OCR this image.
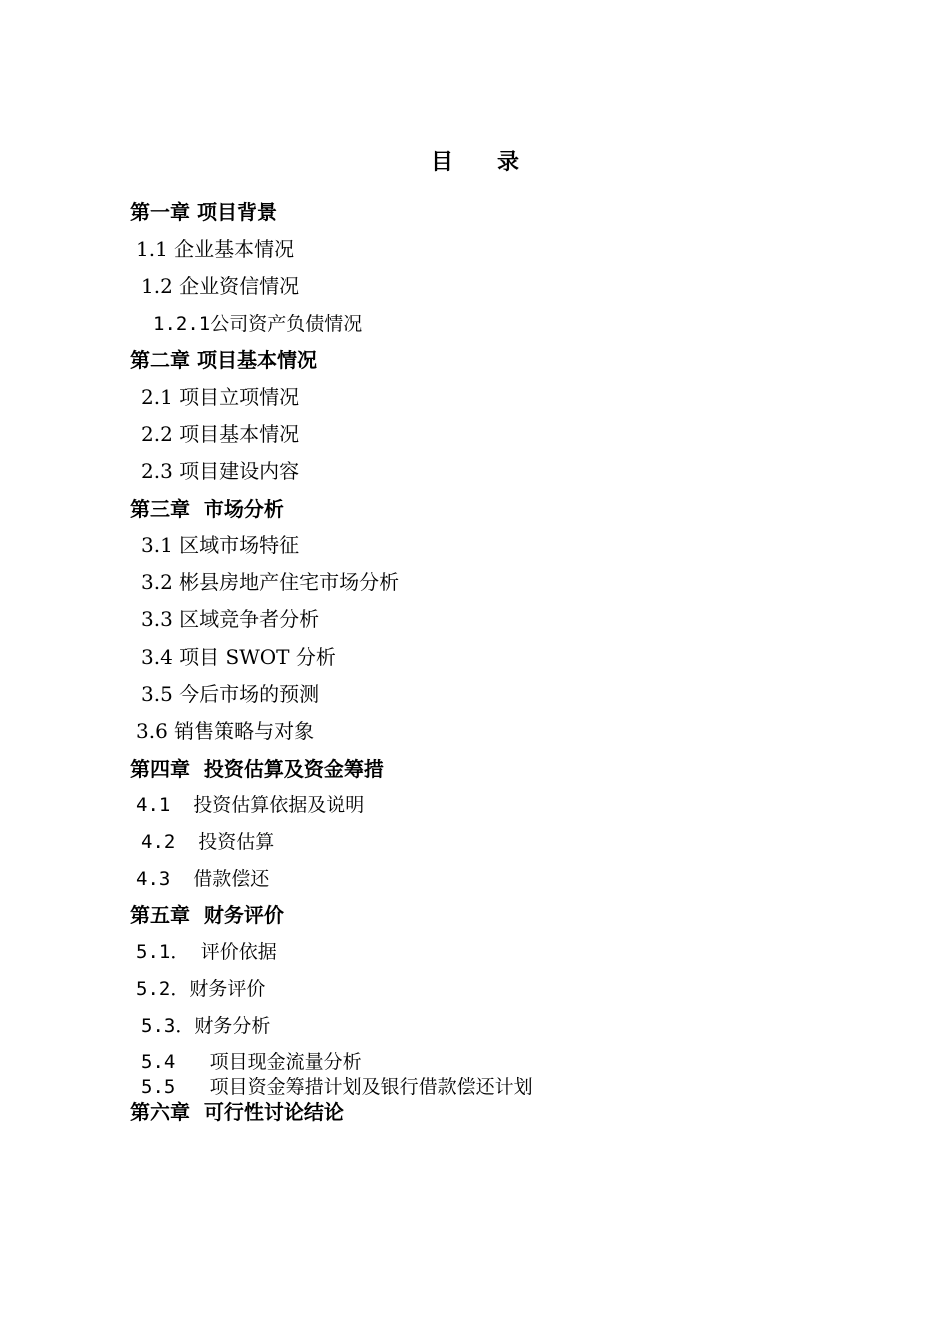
目 录
第一章 项目背景
1.1 企业基本情况
1.2 企业资信情况
1.2.1公司资产负债情况
第二章 项目基本情况
2.1 项目立项情况
2.2 项目基本情况
2.3 项目建设内容
第三章  市场分析
3.1 区域市场特征
3.2 彬县房地产住宅市场分析
3.3 区域竞争者分析
3.4 项目 SWOT 分析
3.5 今后市场的预测
3.6 销售策略与对象
第四章  投资估算及资金筹措
4.1  投资估算依据及说明
4.2  投资估算
4.3  借款偿还
第五章  财务评价
5.1． 评价依据
5.2．财务评价
5.3．财务分析
5.4   项目现金流量分析
5.5   项目资金筹措计划及银行借款偿还计划
第六章  可行性讨论结论
